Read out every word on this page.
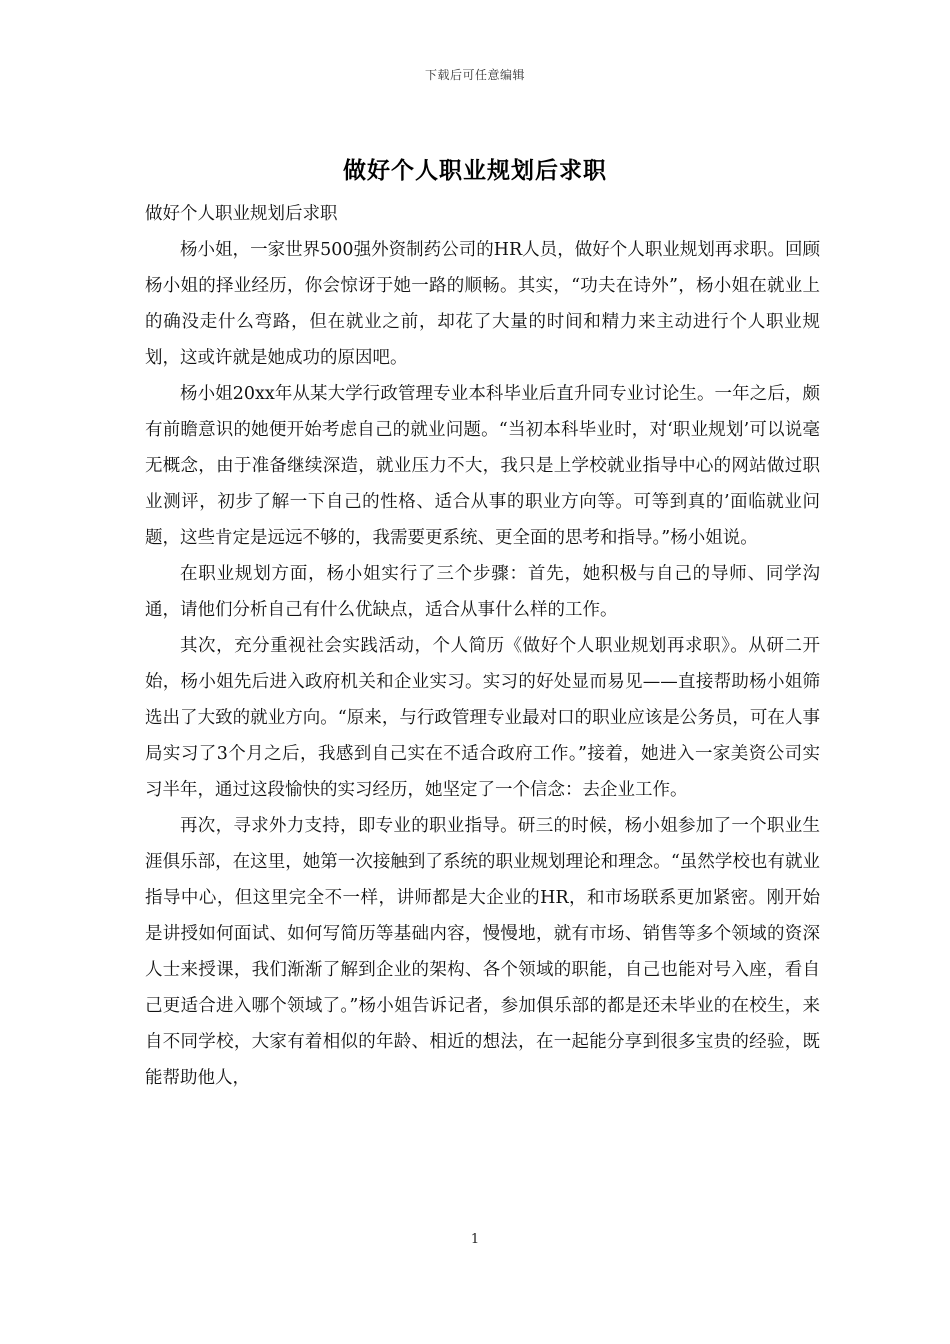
下载后可任意编辑
做好个人职业规划后求职

做好个人职业规划后求职

杨小姐，一家世界500强外资制药公司的HR人员，做好个人职业规划再求职。回顾杨小姐的择业经历，你会惊讶于她一路的顺畅。其实，“功夫在诗外”，杨小姐在就业上的确没走什么弯路，但在就业之前，却花了大量的时间和精力来主动进行个人职业规划，这或许就是她成功的原因吧。

杨小姐20xx年从某大学行政管理专业本科毕业后直升同专业讨论生。一年之后，颇有前瞻意识的她便开始考虑自己的就业问题。“当初本科毕业时，对‘职业规划’可以说毫无概念，由于准备继续深造，就业压力不大，我只是上学校就业指导中心的网站做过职业测评，初步了解一下自己的性格、适合从事的职业方向等。可等到真的’面临就业问题，这些肯定是远远不够的，我需要更系统、更全面的思考和指导。”杨小姐说。

在职业规划方面，杨小姐实行了三个步骤：首先，她积极与自己的导师、同学沟通，请他们分析自己有什么优缺点，适合从事什么样的工作。

其次，充分重视社会实践活动，个人简历《做好个人职业规划再求职》。从研二开始，杨小姐先后进入政府机关和企业实习。实习的好处显而易见——直接帮助杨小姐筛选出了大致的就业方向。“原来，与行政管理专业最对口的职业应该是公务员，可在人事局实习了3个月之后，我感到自己实在不适合政府工作。”接着，她进入一家美资公司实习半年，通过这段愉快的实习经历，她坚定了一个信念：去企业工作。

再次，寻求外力支持，即专业的职业指导。研三的时候，杨小姐参加了一个职业生涯俱乐部，在这里，她第一次接触到了系统的职业规划理论和理念。“虽然学校也有就业指导中心，但这里完全不一样，讲师都是大企业的HR，和市场联系更加紧密。刚开始是讲授如何面试、如何写简历等基础内容，慢慢地，就有市场、销售等多个领域的资深人士来授课，我们渐渐了解到企业的架构、各个领域的职能，自己也能对号入座，看自己更适合进入哪个领域了。”杨小姐告诉记者，参加俱乐部的都是还未毕业的在校生，来自不同学校，大家有着相似的年龄、相近的想法，在一起能分享到很多宝贵的经验，既能帮助他人，

1
